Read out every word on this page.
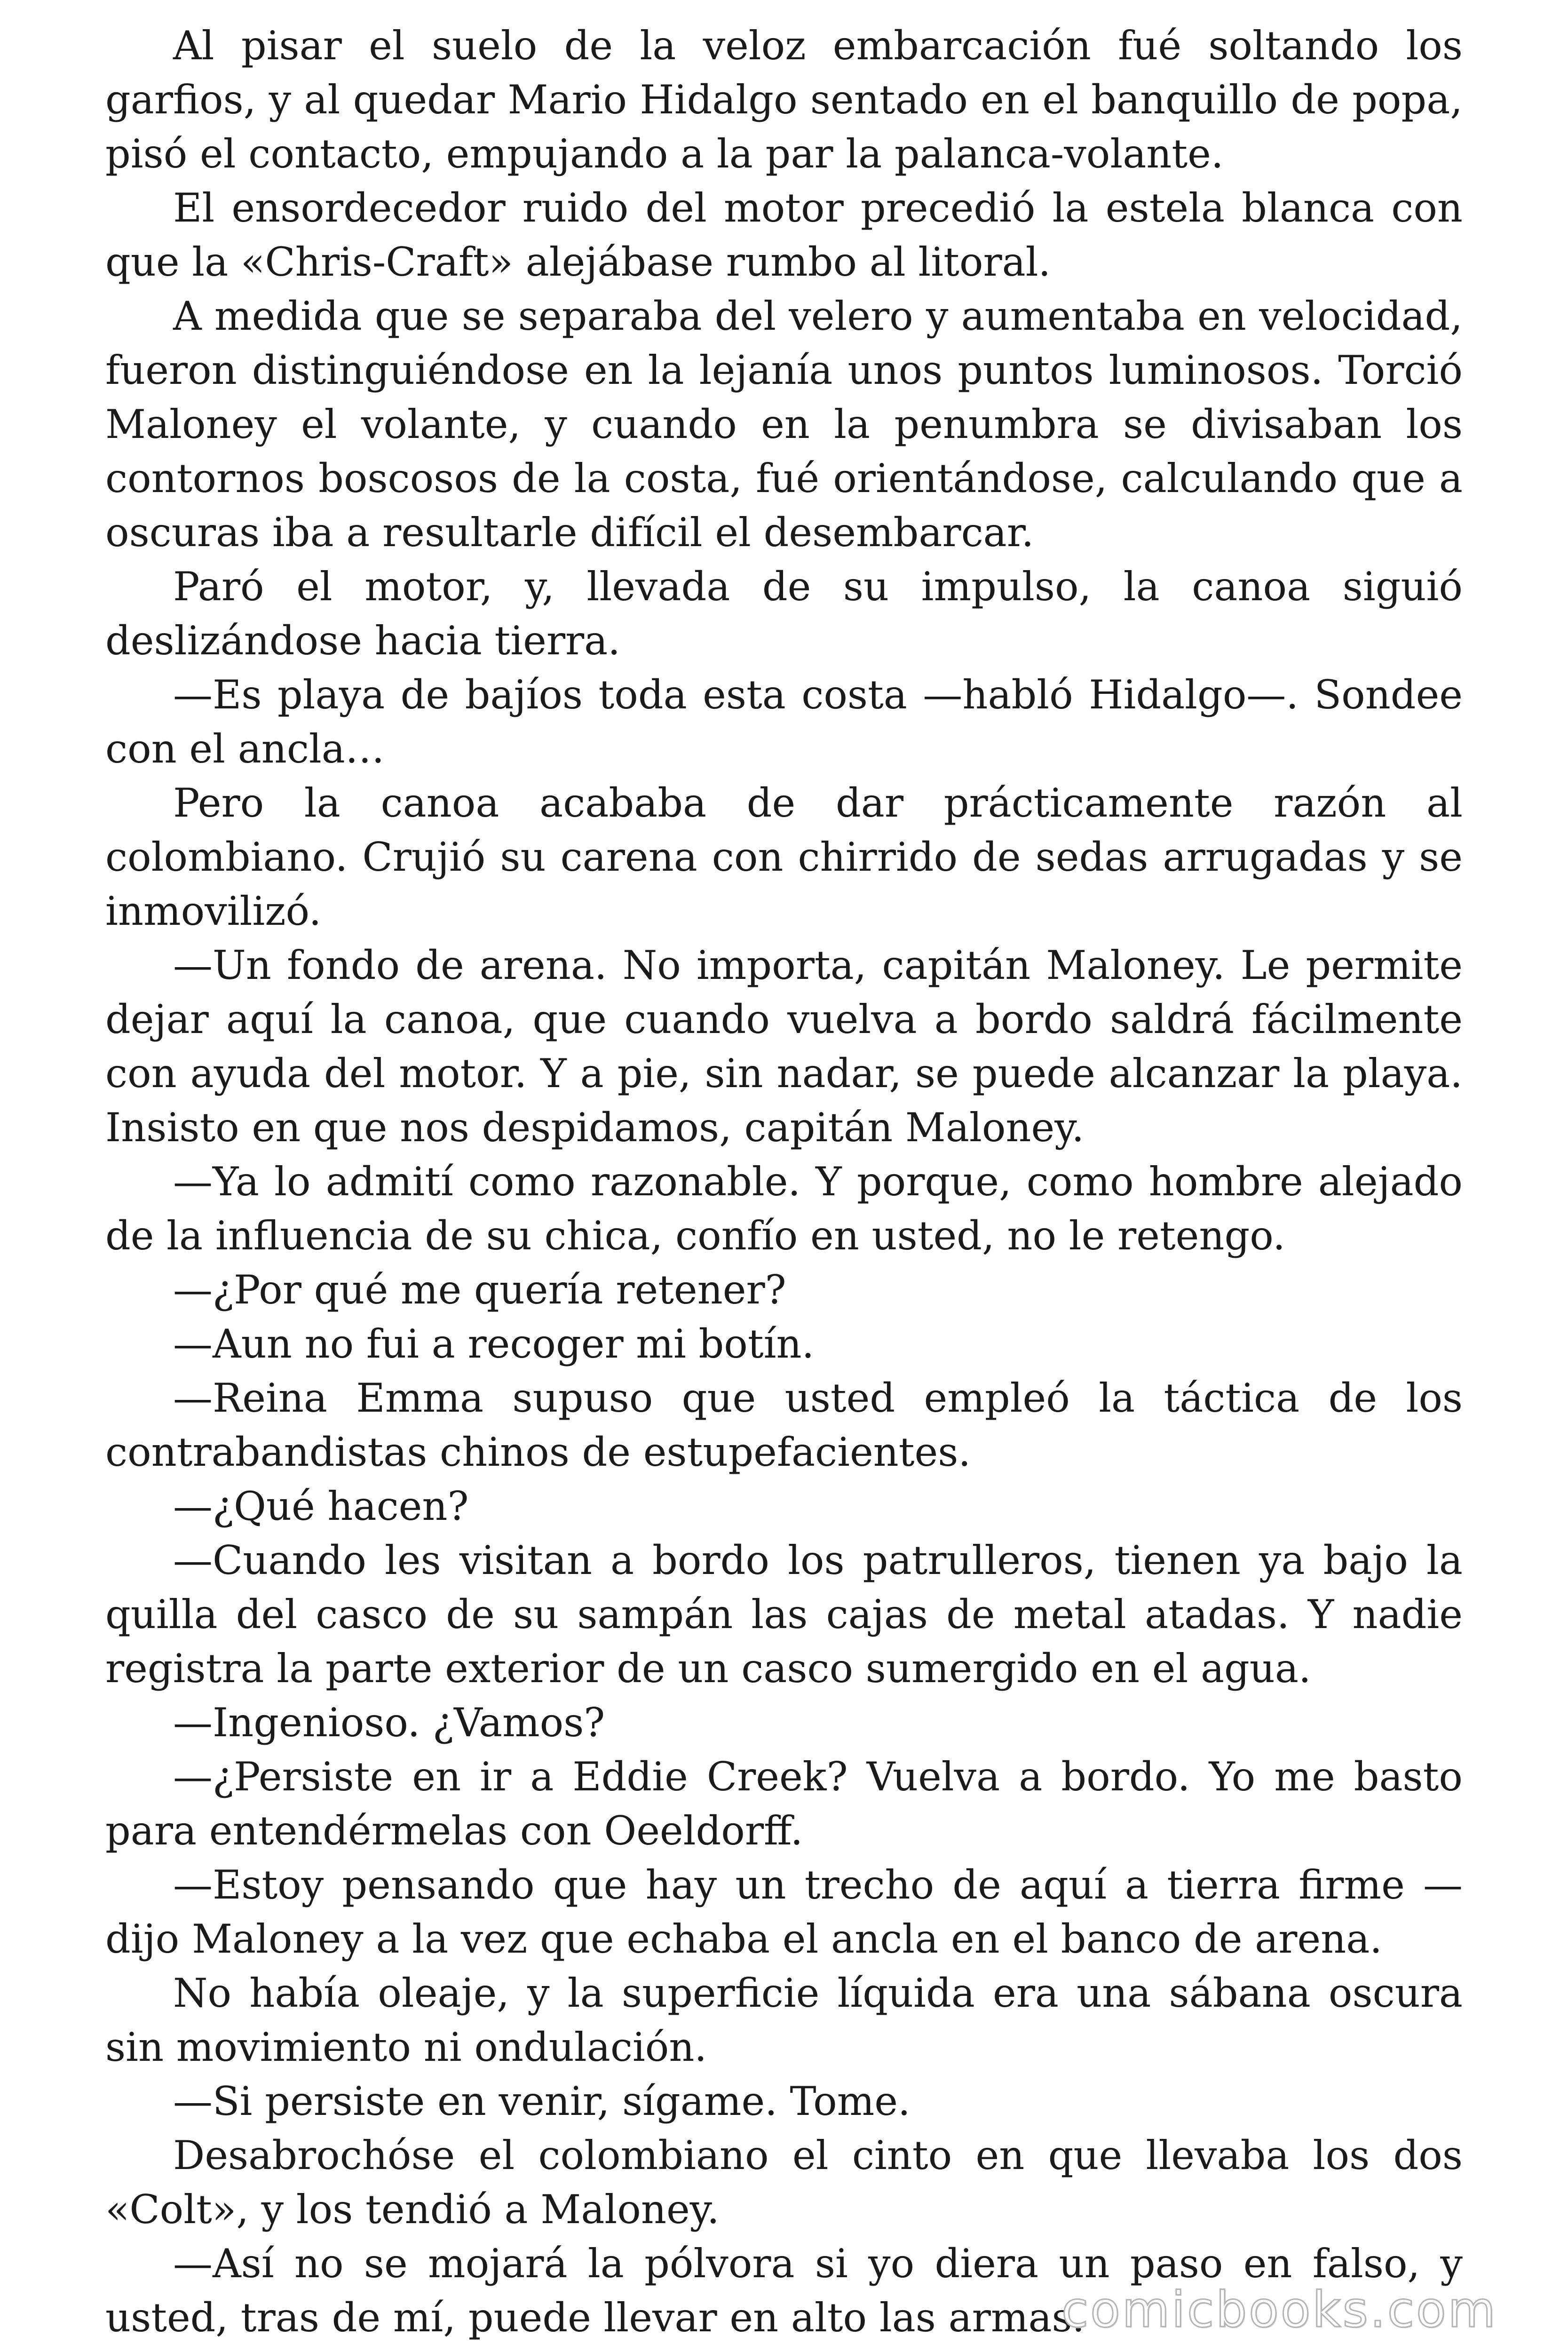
Al pisar el suelo de la veloz embarcación fué soltando los garfios, y al quedar Mario Hidalgo sentado en el banquillo de popa, pisó el contacto, empujando a la par la palanca-volante.

El ensordecedor ruido del motor precedió la estela blanca con que la «Chris-Craft» alejábase rumbo al litoral.

A medida que se separaba del velero y aumentaba en velocidad, fueron distinguiéndose en la lejanía unos puntos luminosos. Torció Maloney el volante, y cuando en la penumbra se divisaban los contornos boscosos de la costa, fué orientándose, calculando que a oscuras iba a resultarle difícil el desembarcar.

Paró el motor, y, llevada de su impulso, la canoa siguió deslizándose hacia tierra.

—Es playa de bajíos toda esta costa —habló Hidalgo—. Sondee con el ancla…

Pero la canoa acababa de dar prácticamente razón al colombiano. Crujió su carena con chirrido de sedas arrugadas y se inmovilizó.

—Un fondo de arena. No importa, capitán Maloney. Le permite dejar aquí la canoa, que cuando vuelva a bordo saldrá fácilmente con ayuda del motor. Y a pie, sin nadar, se puede alcanzar la playa. Insisto en que nos despidamos, capitán Maloney.

—Ya lo admití como razonable. Y porque, como hombre alejado de la influencia de su chica, confío en usted, no le retengo.

—¿Por qué me quería retener?

—Aun no fui a recoger mi botín.

—Reina Emma supuso que usted empleó la táctica de los contrabandistas chinos de estupefacientes.

—¿Qué hacen?

—Cuando les visitan a bordo los patrulleros, tienen ya bajo la quilla del casco de su sampán las cajas de metal atadas. Y nadie registra la parte exterior de un casco sumergido en el agua.

—Ingenioso. ¿Vamos?

—¿Persiste en ir a Eddie Creek? Vuelva a bordo. Yo me basto para entendérmelas con Oeeldorff.

—Estoy pensando que hay un trecho de aquí a tierra firme —dijo Maloney a la vez que echaba el ancla en el banco de arena.

No había oleaje, y la superficie líquida era una sábana oscura sin movimiento ni ondulación.

—Si persiste en venir, sígame. Tome.

Desabrochóse el colombiano el cinto en que llevaba los dos «Colt», y los tendió a Maloney.

—Así no se mojará la pólvora si yo diera un paso en falso, y usted, tras de mí, puede llevar en alto las armas.

comicbooks.com
